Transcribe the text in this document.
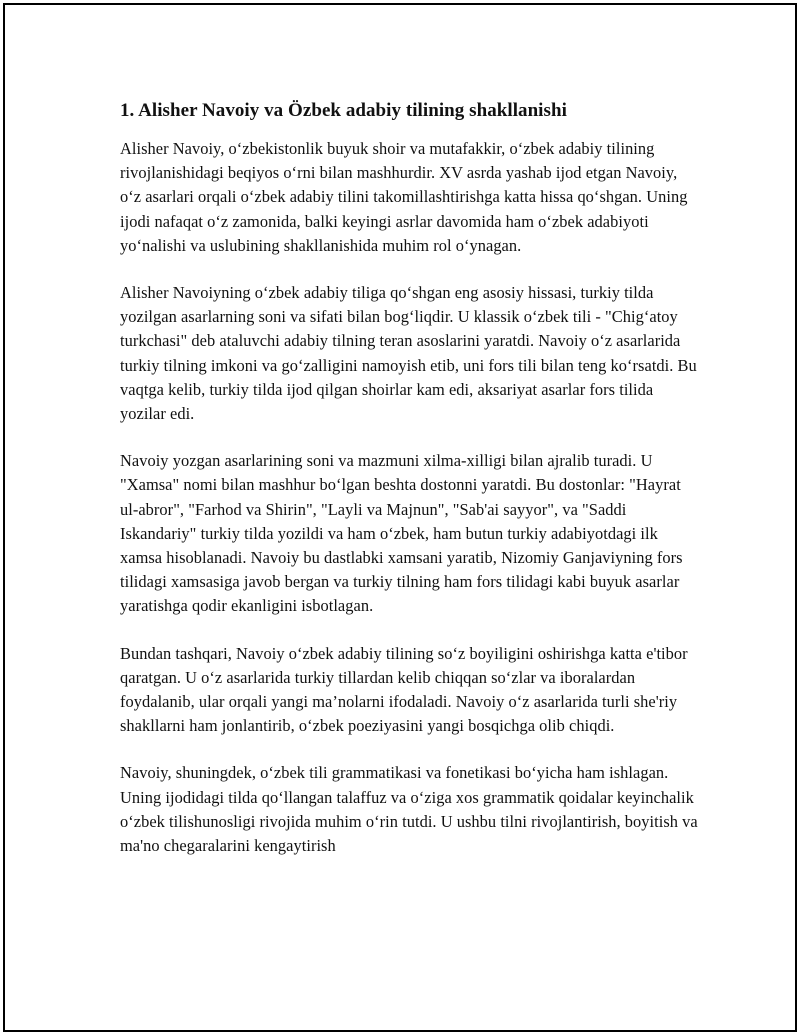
1. Alisher Navoiy va Özbek adabiy tilining shakllanishi

Alisher Navoiy, o‘zbekistonlik buyuk shoir va mutafakkir, o‘zbek adabiy tilining rivojlanishidagi beqiyos o‘rni bilan mashhurdir. XV asrda yashab ijod etgan Navoiy, o‘z asarlari orqali o‘zbek adabiy tilini takomillashtirishga katta hissa qo‘shgan. Uning ijodi nafaqat o‘z zamonida, balki keyingi asrlar davomida ham o‘zbek adabiyoti yo‘nalishi va uslubining shakllanishida muhim rol o‘ynagan.

Alisher Navoiyning o‘zbek adabiy tiliga qo‘shgan eng asosiy hissasi, turkiy tilda yozilgan asarlarning soni va sifati bilan bog‘liqdir. U klassik o‘zbek tili - "Chig‘atoy turkchasi" deb ataluvchi adabiy tilning teran asoslarini yaratdi. Navoiy o‘z asarlarida turkiy tilning imkoni va go‘zalligini namoyish etib, uni fors tili bilan teng ko‘rsatdi. Bu vaqtga kelib, turkiy tilda ijod qilgan shoirlar kam edi, aksariyat asarlar fors tilida yozilar edi.

Navoiy yozgan asarlarining soni va mazmuni xilma-xilligi bilan ajralib turadi. U "Xamsa" nomi bilan mashhur bo‘lgan beshta dostonni yaratdi. Bu dostonlar: "Hayrat ul-abror", "Farhod va Shirin", "Layli va Majnun", "Sab'ai sayyor", va "Saddi Iskandariy" turkiy tilda yozildi va ham o‘zbek, ham butun turkiy adabiyotdagi ilk xamsa hisoblanadi. Navoiy bu dastlabki xamsani yaratib, Nizomiy Ganjaviyning fors tilidagi xamsasiga javob bergan va turkiy tilning ham fors tilidagi kabi buyuk asarlar yaratishga qodir ekanligini isbotlagan.

Bundan tashqari, Navoiy o‘zbek adabiy tilining so‘z boyiligini oshirishga katta e'tibor qaratgan. U o‘z asarlarida turkiy tillardan kelib chiqqan so‘zlar va iboralardan foydalanib, ular orqali yangi ma’nolarni ifodaladi. Navoiy o‘z asarlarida turli she'riy shakllarni ham jonlantirib, o‘zbek poeziyasini yangi bosqichga olib chiqdi.

Navoiy, shuningdek, o‘zbek tili grammatikasi va fonetikasi bo‘yicha ham ishlagan. Uning ijodidagi tilda qo‘llangan talaffuz va o‘ziga xos grammatik qoidalar keyinchalik o‘zbek tilishunosligi rivojida muhim o‘rin tutdi. U ushbu tilni rivojlantirish, boyitish va ma'no chegaralarini kengaytirish
